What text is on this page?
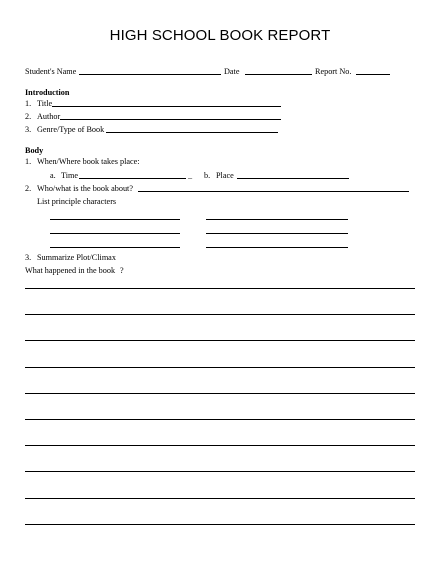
HIGH SCHOOL BOOK REPORT
Student's Name	Date	Report No.
Introduction
1. Title
2. Author
3. Genre/Type of Book
Body
1. When/Where book takes place:
a. Time	_ b. Place
2. Who/what is the book about?
List principle characters
3. Summarize Plot/Climax
What happened in the book ?
